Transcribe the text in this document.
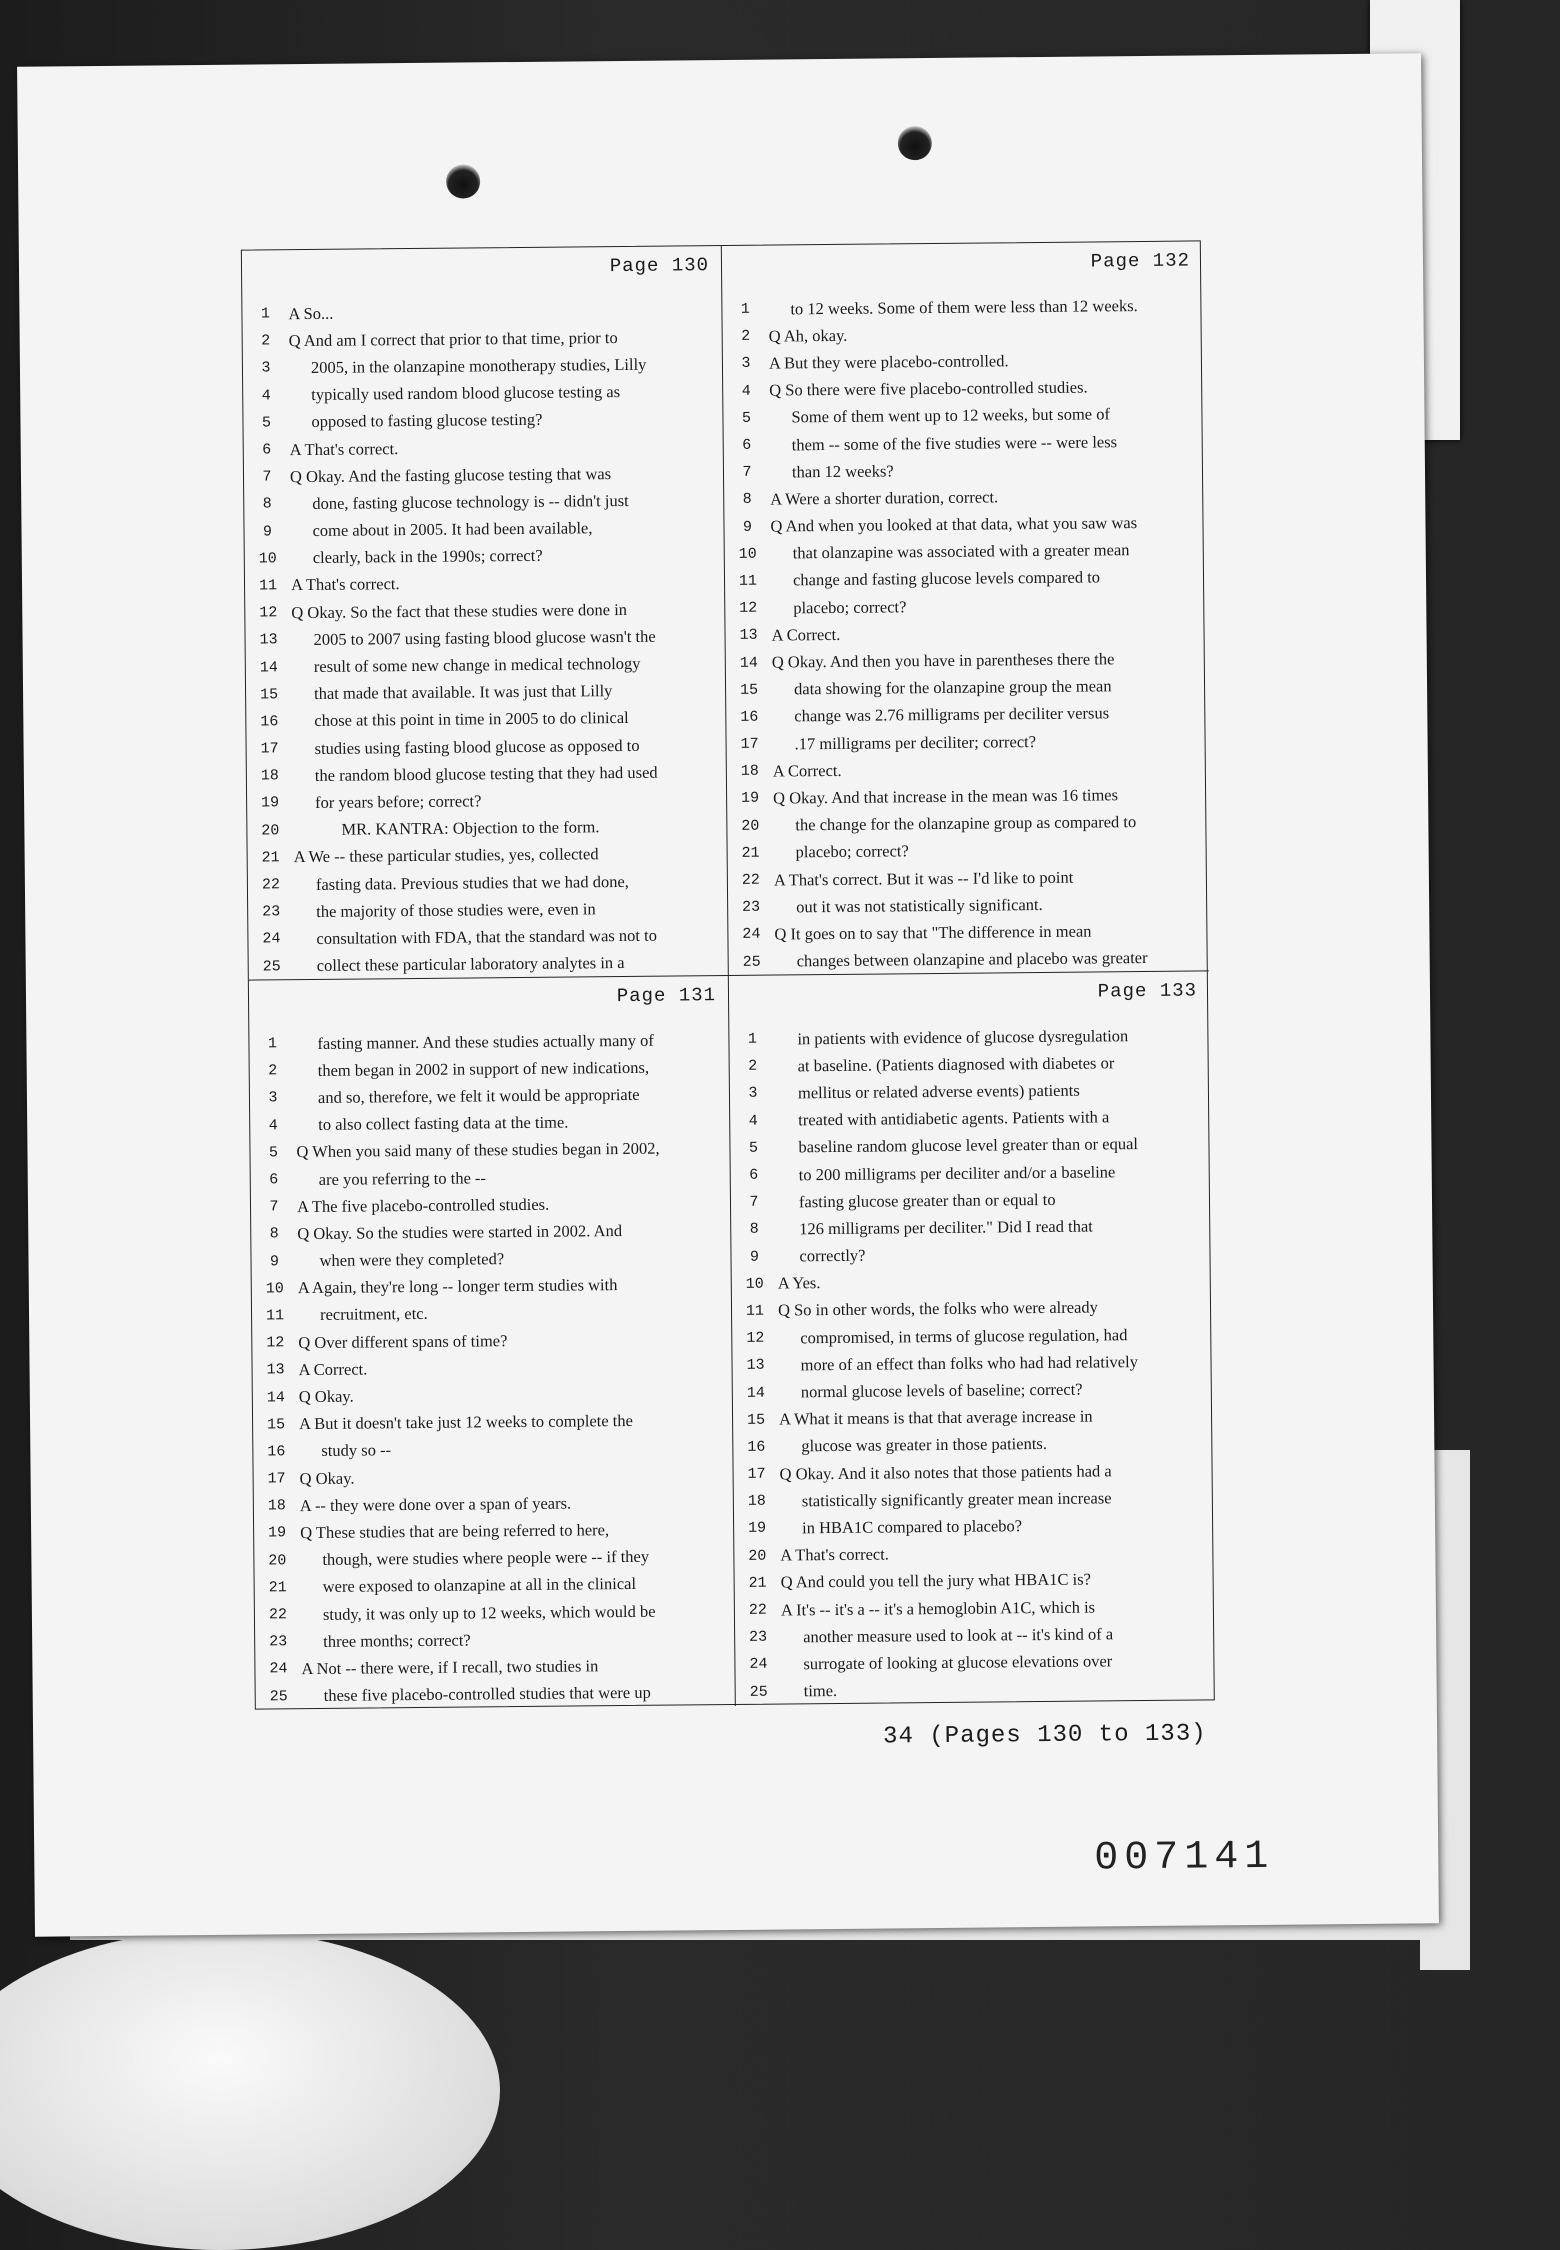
Page 130
1	A So...
2	Q And am I correct that prior to that time, prior to
3	2005, in the olanzapine monotherapy studies, Lilly
4	typically used random blood glucose testing as
5	opposed to fasting glucose testing?
6	A That's correct.
7	Q Okay. And the fasting glucose testing that was
8	done, fasting glucose technology is -- didn't just
9	come about in 2005. It had been available,
10	clearly, back in the 1990s; correct?
11 A That's correct.
12 Q Okay. So the fact that these studies were done in
13	2005 to 2007 using fasting blood glucose wasn't the
14	result of some new change in medical technology
15	that made that available. It was just that Lilly
16	chose at this point in time in 2005 to do clinical
17	studies using fasting blood glucose as opposed to
18	the random blood glucose testing that they had used
19	for years before; correct?
20	MR. KANTRA: Objection to the form.
21 A We -- these particular studies, yes, collected
22	fasting data. Previous studies that we had done,
23	the majority of those studies were, even in
24	consultation with FDA, that the standard was not to
25	collect these particular laboratory analytes in a
Page 132
1	to 12 weeks. Some of them were less than 12 weeks.
2	Q Ah, okay.
3	A But they were placebo-controlled.
4	Q So there were five placebo-controlled studies.
5	Some of them went up to 12 weeks, but some of
6	them -- some of the five studies were -- were less
7	than 12 weeks?
8	A Were a shorter duration, correct.
9	Q And when you looked at that data, what you saw was
10	that olanzapine was associated with a greater mean
11	change and fasting glucose levels compared to
12	placebo; correct?
13 A Correct.
14 Q Okay. And then you have in parentheses there the
15	data showing for the olanzapine group the mean
16	change was 2.76 milligrams per deciliter versus
17	.17 milligrams per deciliter; correct?
18 A Correct.
19 Q Okay. And that increase in the mean was 16 times
20	the change for the olanzapine group as compared to
21	placebo; correct?
22 A That's correct. But it was -- I'd like to point
23	out it was not statistically significant.
24 Q It goes on to say that "The difference in mean
25	changes between olanzapine and placebo was greater
Page 131
1	fasting manner. And these studies actually many of
2	them began in 2002 in support of new indications,
3	and so, therefore, we felt it would be appropriate
4	to also collect fasting data at the time.
5	Q When you said many of these studies began in 2002,
6	are you referring to the --
7	A The five placebo-controlled studies.
8	Q Okay. So the studies were started in 2002. And
9	when were they completed?
10 A Again, they're long -- longer term studies with
11	recruitment, etc.
12 Q Over different spans of time?
13 A Correct.
14 Q Okay.
15 A But it doesn't take just 12 weeks to complete the
16	study so --
17 Q Okay.
18 A -- they were done over a span of years.
19 Q These studies that are being referred to here,
20	though, were studies where people were -- if they
21	were exposed to olanzapine at all in the clinical
22	study, it was only up to 12 weeks, which would be
23	three months; correct?
24 A Not -- there were, if I recall, two studies in
25	these five placebo-controlled studies that were up
Page 133
1	in patients with evidence of glucose dysregulation
2	at baseline. (Patients diagnosed with diabetes or
3	mellitus or related adverse events) patients
4	treated with antidiabetic agents. Patients with a
5	baseline random glucose level greater than or equal
6	to 200 milligrams per deciliter and/or a baseline
7	fasting glucose greater than or equal to
8	126 milligrams per deciliter." Did I read that
9	correctly?
10 A Yes.
11 Q So in other words, the folks who were already
12	compromised, in terms of glucose regulation, had
13	more of an effect than folks who had had relatively
14	normal glucose levels of baseline; correct?
15 A What it means is that that average increase in
16	glucose was greater in those patients.
17 Q Okay. And it also notes that those patients had a
18	statistically significantly greater mean increase
19	in HBA1C compared to placebo?
20 A That's correct.
21 Q And could you tell the jury what HBA1C is?
22 A It's -- it's a -- it's a hemoglobin A1C, which is
23	another measure used to look at -- it's kind of a
24	surrogate of looking at glucose elevations over
25	time.
34 (Pages 130 to 133)
007141
